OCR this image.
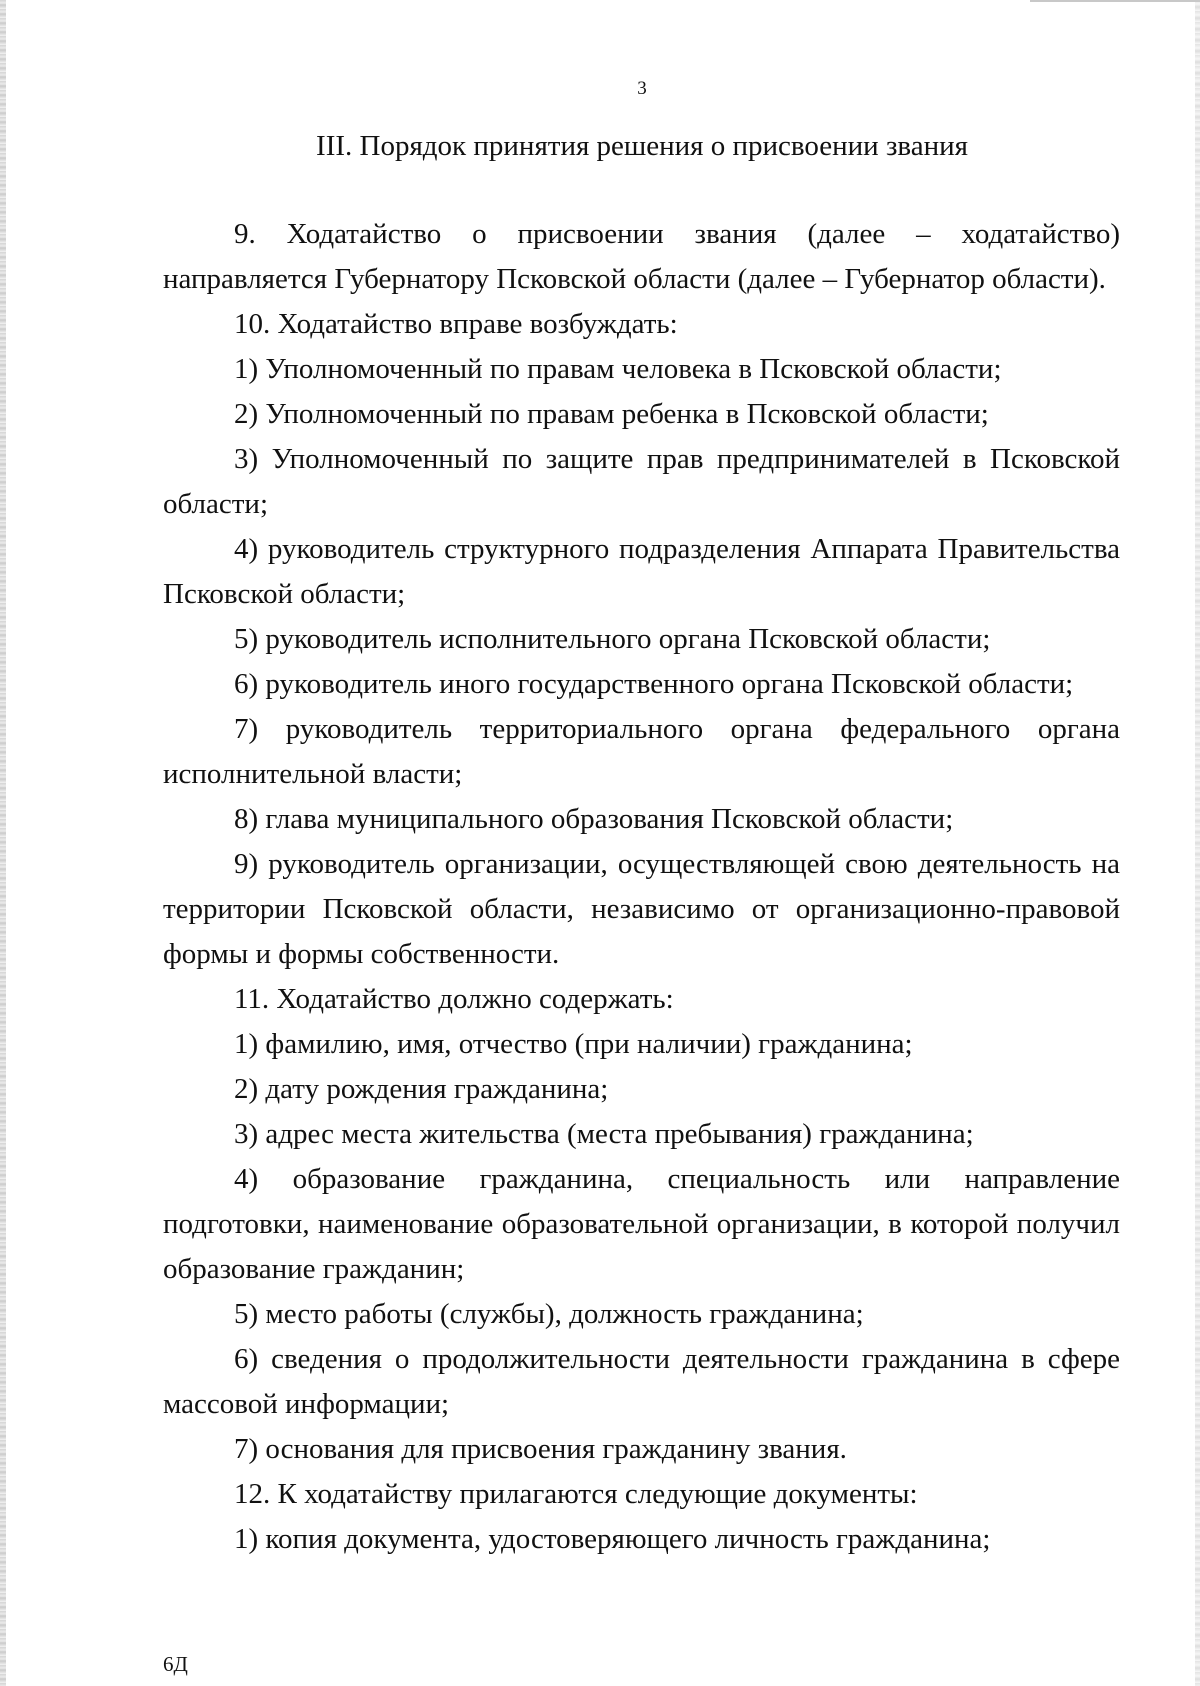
3
III. Порядок принятия решения о присвоении звания

9. Ходатайство о присвоении звания (далее – ходатайство) направляется Губернатору Псковской области (далее – Губернатор области).

10. Ходатайство вправе возбуждать:

1) Уполномоченный по правам человека в Псковской области;

2) Уполномоченный по правам ребенка в Псковской области;

3) Уполномоченный по защите прав предпринимателей в Псковской области;

4) руководитель структурного подразделения Аппарата Правительства Псковской области;

5) руководитель исполнительного органа Псковской области;

6) руководитель иного государственного органа Псковской области;

7) руководитель территориального органа федерального органа исполнительной власти;

8) глава муниципального образования Псковской области;

9) руководитель организации, осуществляющей свою деятельность на территории Псковской области, независимо от организационно-правовой формы и формы собственности.

11. Ходатайство должно содержать:

1) фамилию, имя, отчество (при наличии) гражданина;

2) дату рождения гражданина;

3) адрес места жительства (места пребывания) гражданина;

4) образование гражданина, специальность или направление подготовки, наименование образовательной организации, в которой получил образование гражданин;

5) место работы (службы), должность гражданина;

6) сведения о продолжительности деятельности гражданина в сфере массовой информации;

7) основания для присвоения гражданину звания.

12. К ходатайству прилагаются следующие документы:

1) копия документа, удостоверяющего личность гражданина;

6Д
